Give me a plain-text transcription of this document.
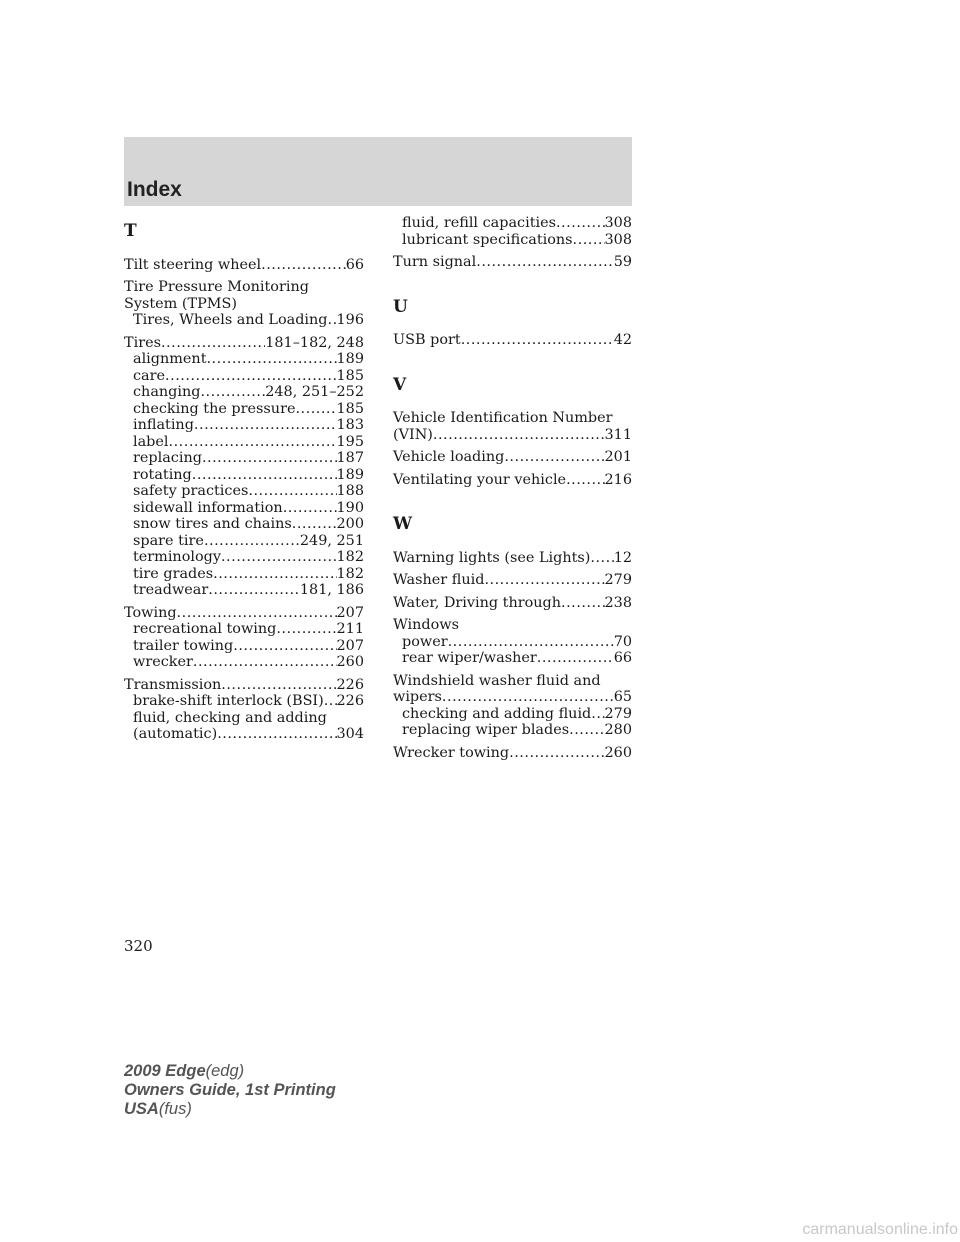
Index
T
Tilt steering wheel .....	66
Tire Pressure Monitoring
System (TPMS)
Tires, Wheels and Loading ..... 196
Tires .....	181–182, 248
alignment .....	189
care .....	185
changing .....	248, 251–252
checking the pressure .....	185
inflating .....	183
label .....	195
replacing .....	187
rotating .....	189
safety practices .....	188
sidewall information .....	190
snow tires and chains .....	200
spare tire .....	249, 251
terminology .....	182
tire grades .....	182
treadwear .....	181, 186
Towing .....	207
recreational towing .....	211
trailer towing .....	207
wrecker .....	260
Transmission .....	226
brake-shift interlock (BSI) ..... 226
fluid, checking and adding
(automatic) .....	304
fluid, refill capacities .....	308
lubricant specifications ..... 308
Turn signal .....	59
U
USB port .....	42
V
Vehicle Identification Number
(VIN) .....	311
Vehicle loading .....	201
Ventilating your vehicle .....	216
W
Warning lights (see Lights) ..... 12
Washer fluid .....	279
Water, Driving through .....	238
Windows
power .....	70
rear wiper/washer .....	66
Windshield washer fluid and
wipers .....	65
checking and adding fluid ..... 279
replacing wiper blades ..... 280
Wrecker towing .....	260
320
2009 Edge(edg)
Owners Guide, 1st Printing
USA(fus)
carmanualsonline.info
